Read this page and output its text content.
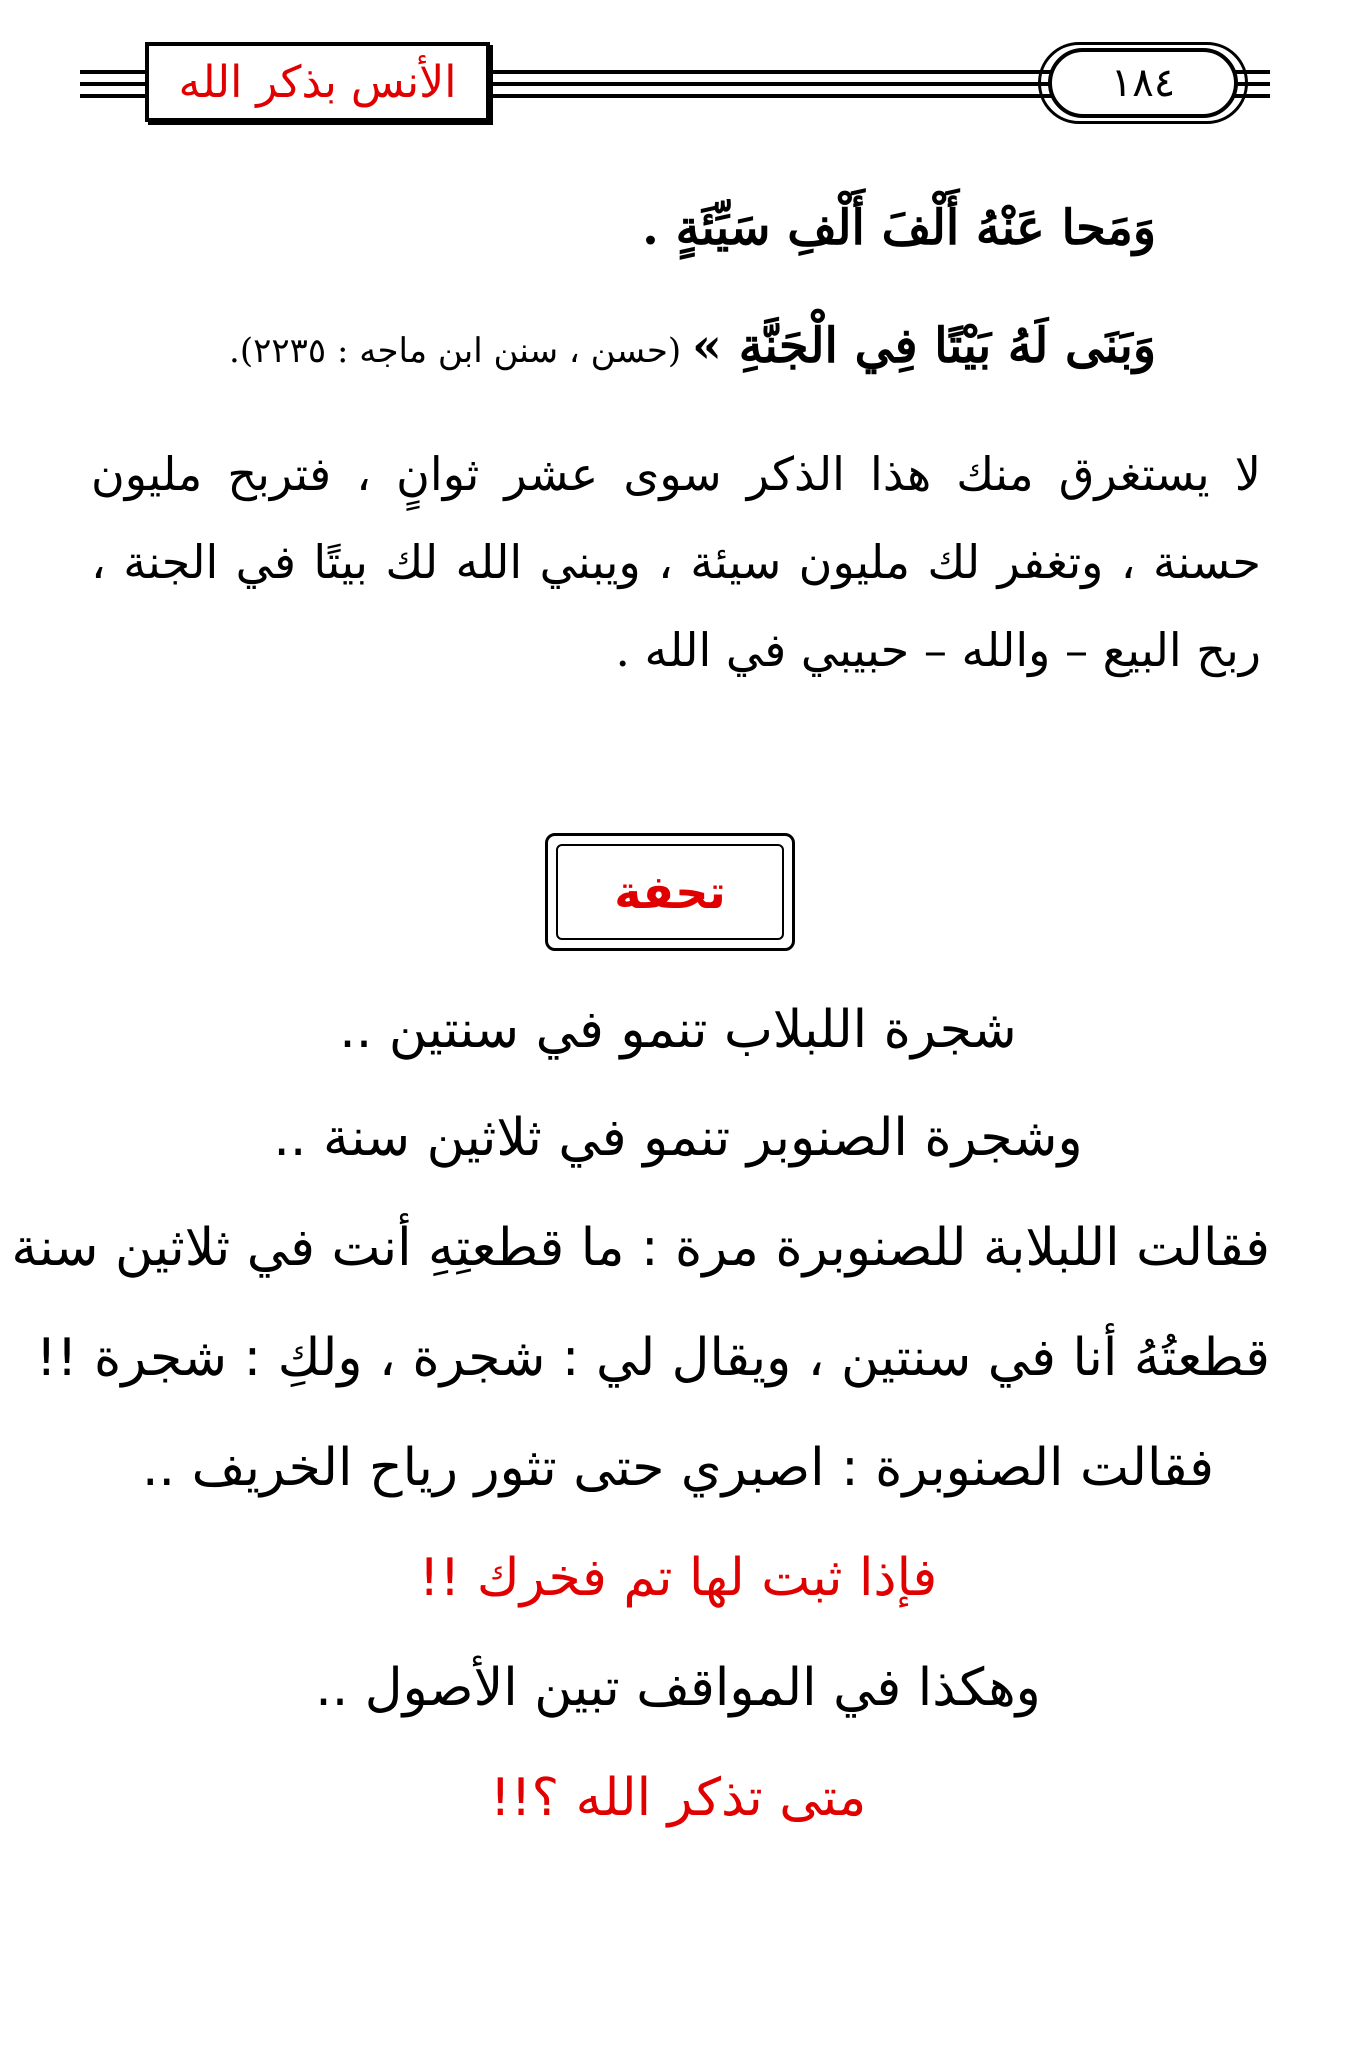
الأنس بذكر الله	١٨٤
وَمَحا عَنْهُ أَلْفَ أَلْفِ سَيِّئَةٍ .
وَبَنَى لَهُ بَيْتًا فِي الْجَنَّةِ » (حسن ، سنن ابن ماجه : ٢٢٣٥).
لا يستغرق منك هذا الذكر سوى عشر ثوانٍ ، فتربح مليون
حسنة ، وتغفر لك مليون سيئة ، ويبني الله لك بيتًا في الجنة ،
ربح البيع – والله – حبيبي في الله .
تحفة
شجرة اللبلاب تنمو في سنتين ..
وشجرة الصنوبر تنمو في ثلاثين سنة ..
فقالت اللبلابة للصنوبرة مرة : ما قطعتِهِ أنت في ثلاثين سنة
قطعتُهُ أنا في سنتين ، ويقال لي : شجرة ، ولكِ : شجرة !!
فقالت الصنوبرة : اصبري حتى تثور رياح الخريف ..
فإذا ثبت لها تم فخرك !!
وهكذا في المواقف تبين الأصول ..
متى تذكر الله ؟!!
